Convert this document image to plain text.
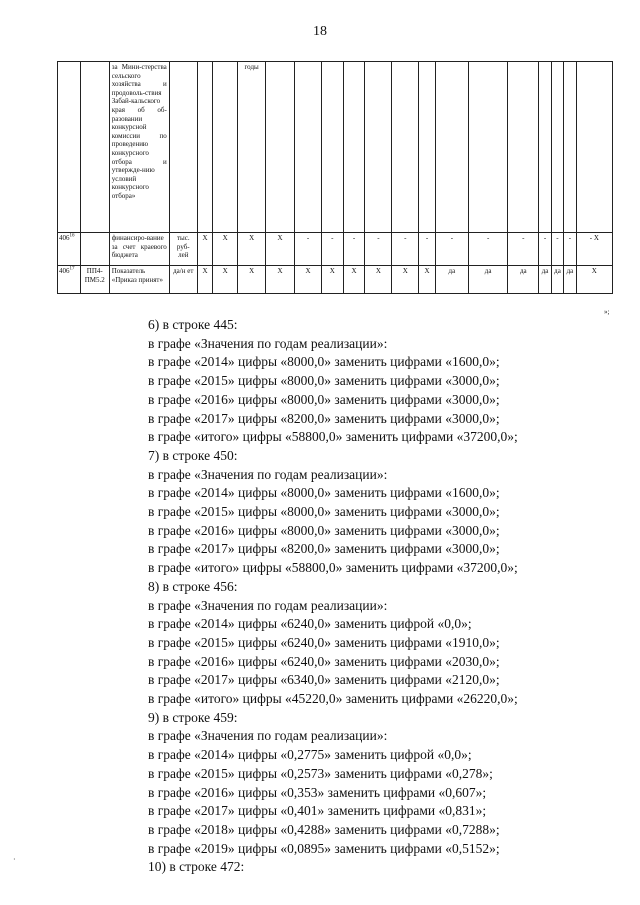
18
		за Мини-стерства сельского хозяйства и продоволь-ствия Забай-кальского края об об-разовании конкурсной комиссии по проведению конкурсного отбора и утвержде-нию условий конкурсного отбора»				годы														
$406^{16}$		финансиро-вание за счет краевого бюджета	тыс. руб-лей	X	X	X	X	-	-	-	-	-	-	-	-	-	-	-	-	- X
$406^{17}$	ПП4-ПМ5.2	Показатель «Приказ принят»	да/н ет	X	X	X	X	X	X	X	X	X	X	да	да	да	да	да	да	X
»;
6) в строке 445:
в графе «Значения по годам реализации»:
в графе «2014» цифры «8000,0» заменить цифрами «1600,0»;
в графе «2015» цифры «8000,0» заменить цифрами «3000,0»;
в графе «2016» цифры «8000,0» заменить цифрами «3000,0»;
в графе «2017» цифры «8200,0» заменить цифрами «3000,0»;
в графе «итого» цифры «58800,0» заменить цифрами «37200,0»;
7) в строке 450:
в графе «Значения по годам реализации»:
в графе «2014» цифры «8000,0» заменить цифрами «1600,0»;
в графе «2015» цифры «8000,0» заменить цифрами «3000,0»;
в графе «2016» цифры «8000,0» заменить цифрами «3000,0»;
в графе «2017» цифры «8200,0» заменить цифрами «3000,0»;
в графе «итого» цифры «58800,0» заменить цифрами «37200,0»;
8) в строке 456:
в графе «Значения по годам реализации»:
в графе «2014» цифры «6240,0» заменить цифрой «0,0»;
в графе «2015» цифры «6240,0» заменить цифрами «1910,0»;
в графе «2016» цифры «6240,0» заменить цифрами «2030,0»;
в графе «2017» цифры «6340,0» заменить цифрами «2120,0»;
в графе «итого» цифры «45220,0» заменить цифрами «26220,0»;
9) в строке 459:
в графе «Значения по годам реализации»:
в графе «2014» цифры «0,2775» заменить цифрой «0,0»;
в графе «2015» цифры «0,2573» заменить цифрами «0,278»;
в графе «2016» цифры «0,353» заменить цифрами «0,607»;
в графе «2017» цифры «0,401» заменить цифрами «0,831»;
в графе «2018» цифры «0,4288» заменить цифрами «0,7288»;
в графе «2019» цифры «0,0895» заменить цифрами «0,5152»;
10) в строке 472:
·
